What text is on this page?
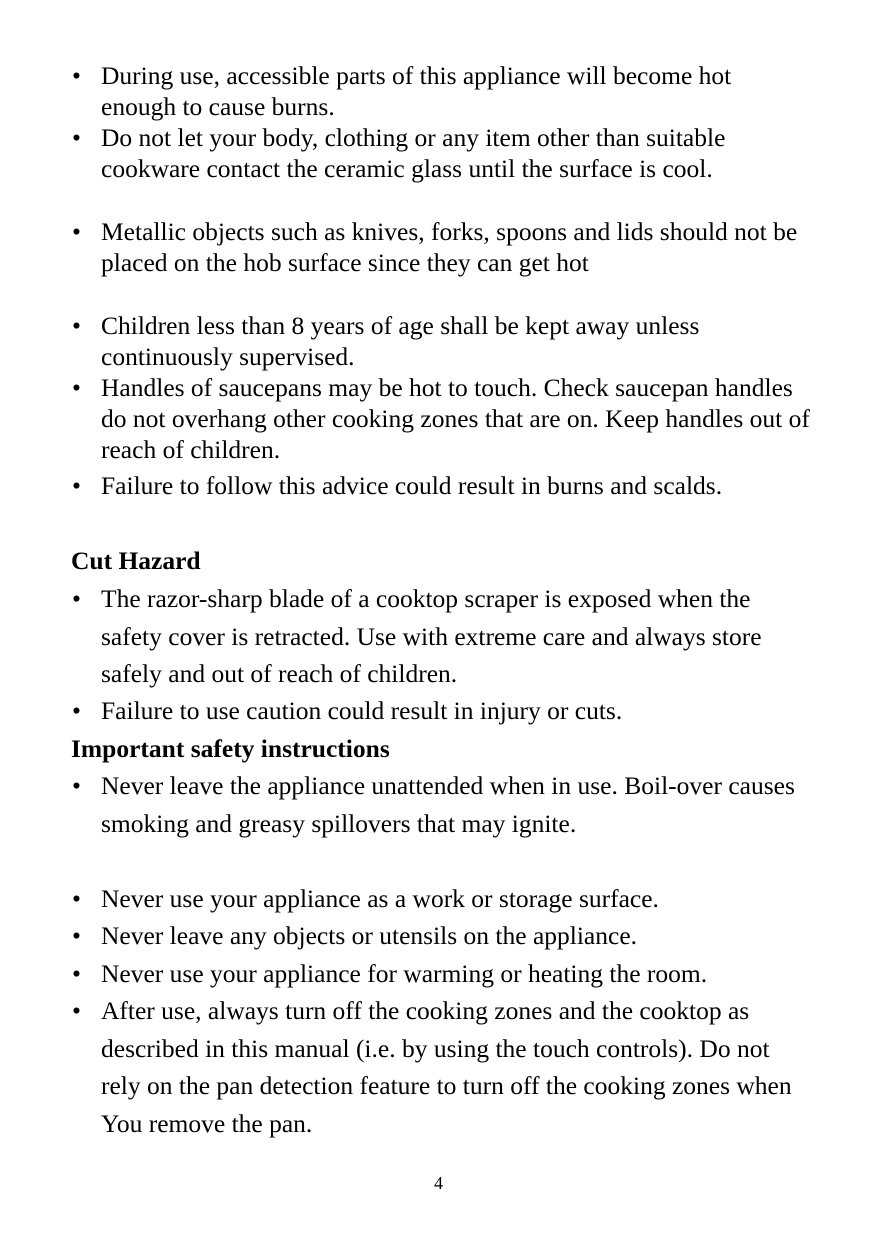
• During use, accessible parts of this appliance will become hot enough to cause burns.
• Do not let your body, clothing or any item other than suitable cookware contact the ceramic glass until the surface is cool.
• Metallic objects such as knives, forks, spoons and lids should not be placed on the hob surface since they can get hot
• Children less than 8 years of age shall be kept away unless continuously supervised.
• Handles of saucepans may be hot to touch. Check saucepan handles do not overhang other cooking zones that are on. Keep handles out of reach of children.
• Failure to follow this advice could result in burns and scalds.
Cut Hazard
• The razor-sharp blade of a cooktop scraper is exposed when the safety cover is retracted. Use with extreme care and always store safely and out of reach of children.
• Failure to use caution could result in injury or cuts.
Important safety instructions
• Never leave the appliance unattended when in use. Boil-over causes smoking and greasy spillovers that may ignite.
• Never use your appliance as a work or storage surface.
• Never leave any objects or utensils on the appliance.
• Never use your appliance for warming or heating the room.
• After use, always turn off the cooking zones and the cooktop as described in this manual (i.e. by using the touch controls). Do not rely on the pan detection feature to turn off the cooking zones when You remove the pan.
4
